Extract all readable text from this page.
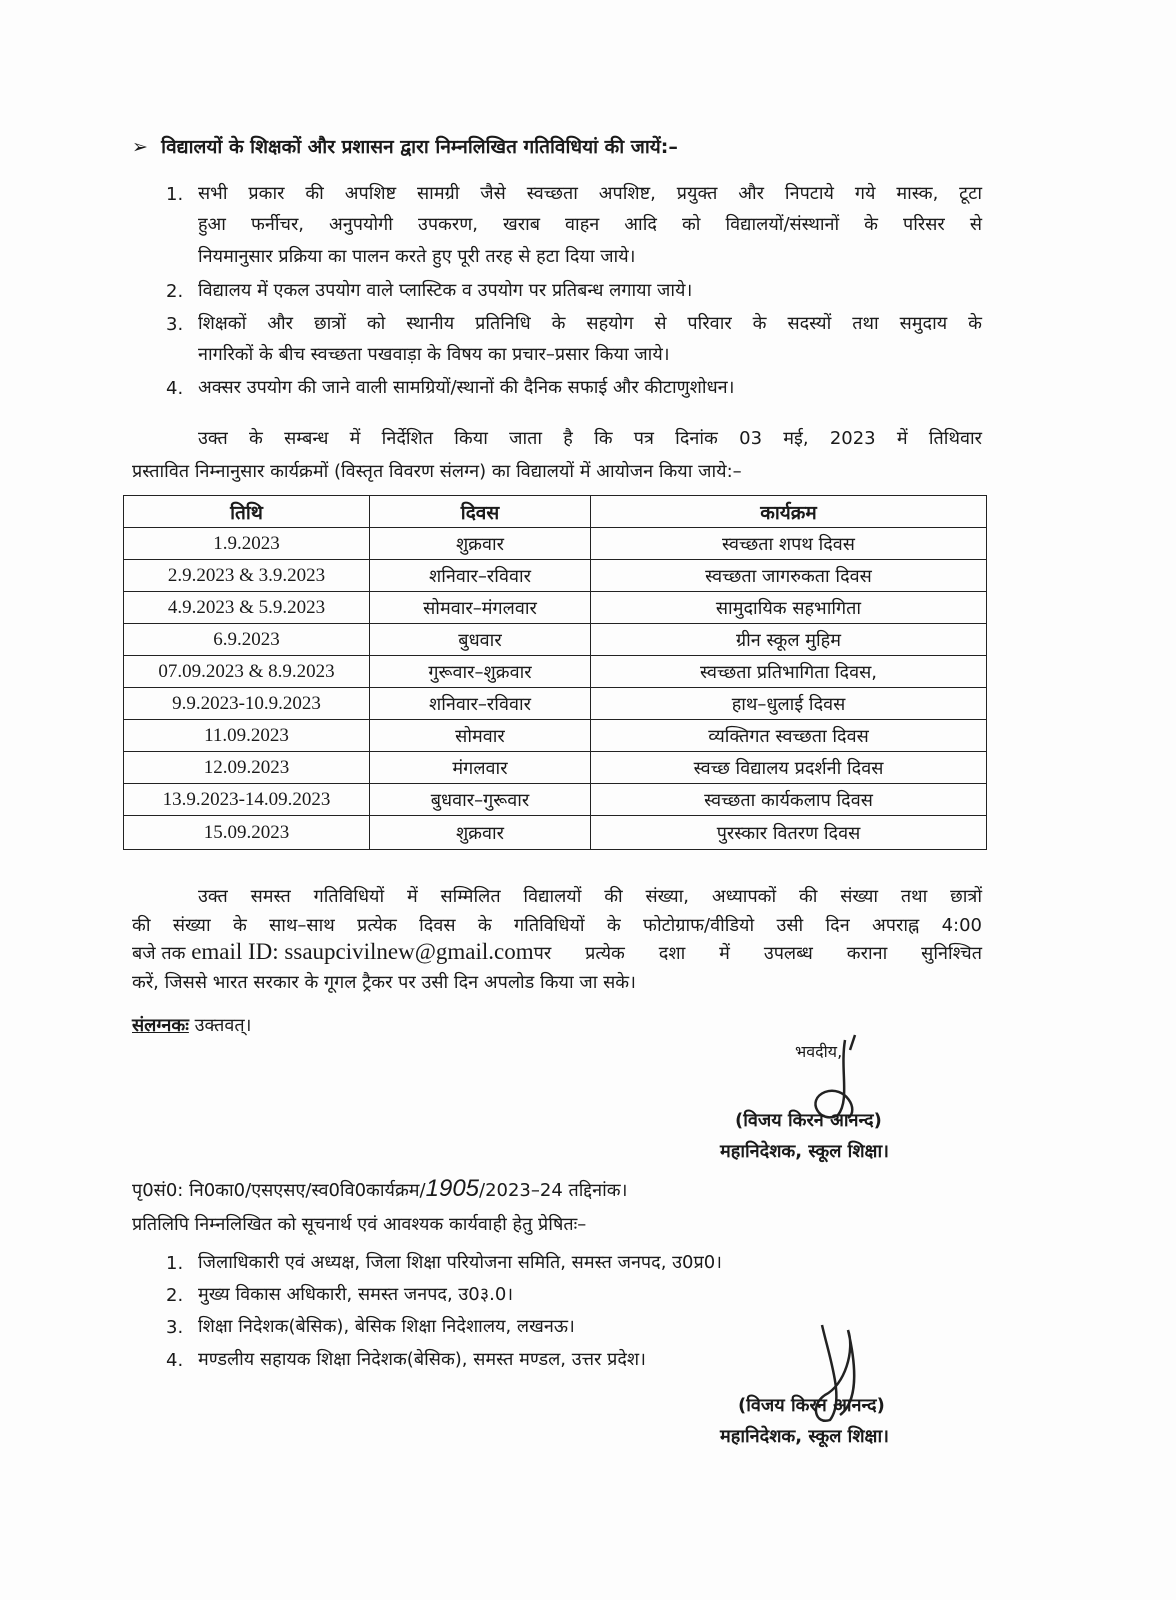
➢ विद्यालयों के शिक्षकों और प्रशासन द्वारा निम्नलिखित गतिविधियां की जायें:–
1. सभी प्रकार की अपशिष्ट सामग्री जैसे स्वच्छता अपशिष्ट, प्रयुक्त और निपटाये गये मास्क, टूटा
हुआ फर्नीचर, अनुपयोगी उपकरण, खराब वाहन आदि को विद्यालयों/संस्थानों के परिसर से
नियमानुसार प्रक्रिया का पालन करते हुए पूरी तरह से हटा दिया जाये।
2. विद्यालय में एकल उपयोग वाले प्लास्टिक व उपयोग पर प्रतिबन्ध लगाया जाये।
3. शिक्षकों और छात्रों को स्थानीय प्रतिनिधि के सहयोग से परिवार के सदस्यों तथा समुदाय के
नागरिकों के बीच स्वच्छता पखवाड़ा के विषय का प्रचार–प्रसार किया जाये।
4. अक्सर उपयोग की जाने वाली सामग्रियों/स्थानों की दैनिक सफाई और कीटाणुशोधन।
उक्त के सम्बन्ध में निर्देशित किया जाता है कि पत्र दिनांक 03 मई, 2023 में तिथिवार
प्रस्तावित निम्नानुसार कार्यक्रमों (विस्तृत विवरण संलग्न) का विद्यालयों में आयोजन किया जाये:–
तिथि	दिवस	कार्यक्रम
1.9.2023	शुक्रवार	स्वच्छता शपथ दिवस
2.9.2023 & 3.9.2023	शनिवार–रविवार	स्वच्छता जागरुकता दिवस
4.9.2023 & 5.9.2023	सोमवार–मंगलवार	सामुदायिक सहभागिता
6.9.2023	बुधवार	ग्रीन स्कूल मुहिम
07.09.2023 & 8.9.2023	गुरूवार–शुक्रवार	स्वच्छता प्रतिभागिता दिवस,
9.9.2023-10.9.2023	शनिवार–रविवार	हाथ–धुलाई दिवस
11.09.2023	सोमवार	व्यक्तिगत स्वच्छता दिवस
12.09.2023	मंगलवार	स्वच्छ विद्यालय प्रदर्शनी दिवस
13.9.2023-14.09.2023	बुधवार–गुरूवार	स्वच्छता कार्यकलाप दिवस
15.09.2023	शुक्रवार	पुरस्कार वितरण दिवस
उक्त समस्त गतिविधियों में सम्मिलित विद्यालयों की संख्या, अध्यापकों की संख्या तथा छात्रों
की संख्या के साथ–साथ प्रत्येक दिवस के गतिविधियों के फोटोग्राफ/वीडियो उसी दिन अपराह्न 4:00
बजे तक
email ID: ssaupcivilnew@gmail.com पर प्रत्येक दशा में उपलब्ध कराना सुनिश्चित
करें, जिससे भारत सरकार के गूगल ट्रैकर पर उसी दिन अपलोड किया जा सके।
संलग्नकः उक्तवत्।
भवदीय,
(विजय किरन आनन्द)
महानिदेशक, स्कूल शिक्षा।
पृ0सं0: नि0का0/एसएसए/स्व0वि0कार्यक्रम/1905/2023–24 तद्दिनांक।
प्रतिलिपि निम्नलिखित को सूचनार्थ एवं आवश्यक कार्यवाही हेतु प्रेषितः–
1. जिलाधिकारी एवं अध्यक्ष, जिला शिक्षा परियोजना समिति, समस्त जनपद, उ0प्र0।
2. मुख्य विकास अधिकारी, समस्त जनपद, उ0३.0।
3. शिक्षा निदेशक(बेसिक), बेसिक शिक्षा निदेशालय, लखनऊ।
4. मण्डलीय सहायक शिक्षा निदेशक(बेसिक), समस्त मण्डल, उत्तर प्रदेश।
(विजय किरन आनन्द)
महानिदेशक, स्कूल शिक्षा।
